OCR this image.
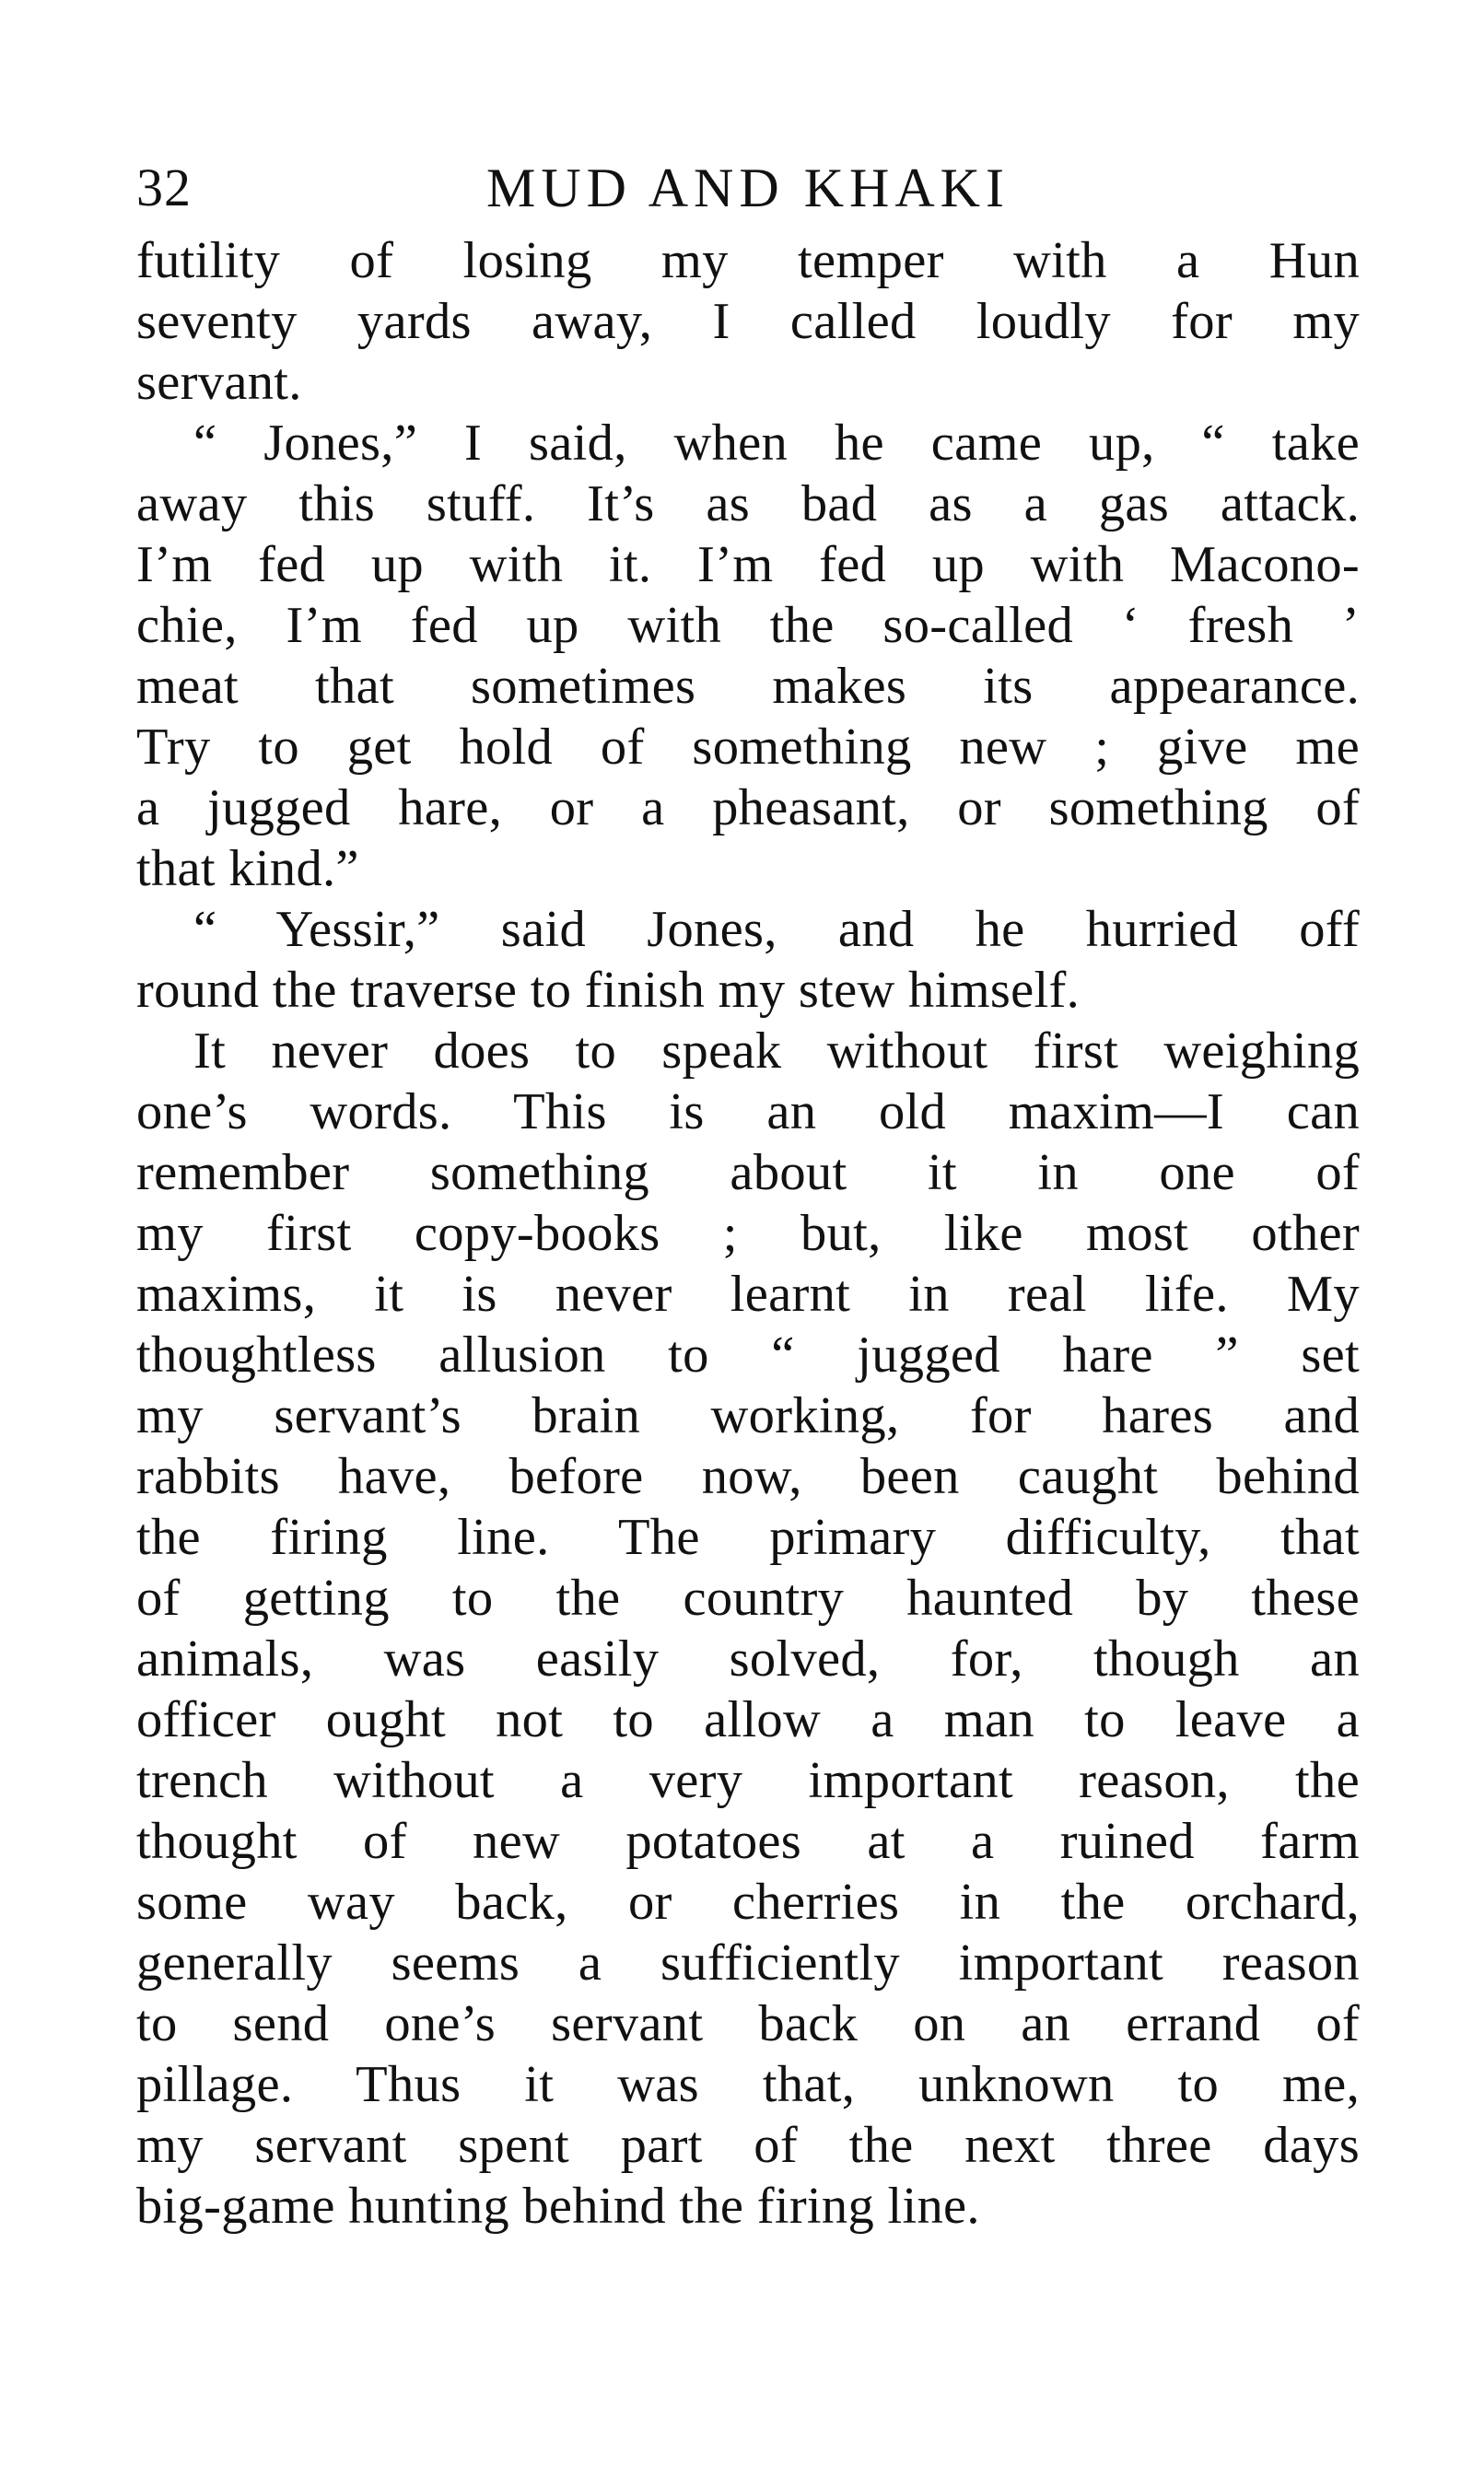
32	MUD AND KHAKI
futility of losing my temper with a Hun
seventy yards away, I called loudly for my
servant.
“ Jones,” I said, when he came up, “ take
away this stuff. It’s as bad as a gas attack.
I’m fed up with it. I’m fed up with Macono-
chie, I’m fed up with the so-called ‘ fresh ’
meat that sometimes makes its appearance.
Try to get hold of something new ; give me
a jugged hare, or a pheasant, or something of
that kind.”
“ Yessir,” said Jones, and he hurried off
round the traverse to finish my stew himself.
It never does to speak without first weighing
one’s words. This is an old maxim—I can
remember something about it in one of
my first copy-books ; but, like most other
maxims, it is never learnt in real life. My
thoughtless allusion to “ jugged hare ” set
my servant’s brain working, for hares and
rabbits have, before now, been caught behind
the firing line. The primary difficulty, that
of getting to the country haunted by these
animals, was easily solved, for, though an
officer ought not to allow a man to leave a
trench without a very important reason, the
thought of new potatoes at a ruined farm
some way back, or cherries in the orchard,
generally seems a sufficiently important reason
to send one’s servant back on an errand of
pillage. Thus it was that, unknown to me,
my servant spent part of the next three days
big-game hunting behind the firing line.
